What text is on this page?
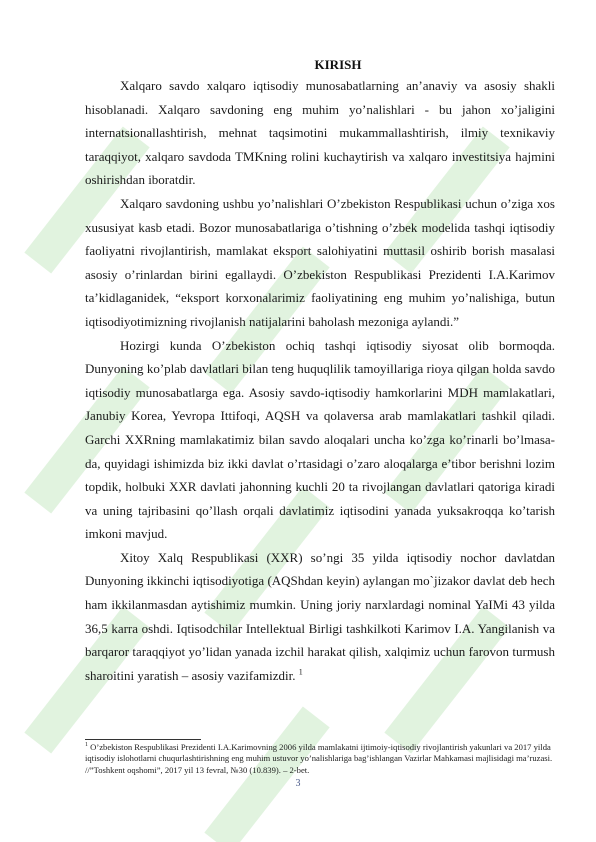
KIRISH

Xalqaro savdo xalqaro iqtisodiy munosabatlarning an’anaviy va asosiy shakli hisoblanadi. Xalqaro savdoning eng muhim yo’nalishlari - bu jahon xo’jaligini internatsionallashtirish, mehnat taqsimotini mukammallashtirish, ilmiy texnikaviy taraqqiyot, xalqaro savdoda TMKning rolini kuchaytirish va xalqaro investitsiya hajmini oshirishdan iboratdir.

Xalqaro savdoning ushbu yo’nalishlari O’zbekiston Respublikasi uchun o’ziga xos xususiyat kasb etadi. Bozor munosabatlariga o’tishning o’zbek modelida tashqi iqtisodiy faoliyatni rivojlantirish, mamlakat eksport salohiyatini muttasil oshirib borish masalasi asosiy o’rinlardan birini egallaydi. O’zbekiston Respublikasi Prezidenti I.A.Karimov ta’kidlaganidek, “eksport korxonalarimiz faoliyatining eng muhim yo’nalishiga, butun iqtisodiyotimizning rivojlanish natijalarini baholash mezoniga aylandi.”

Hozirgi kunda O’zbekiston ochiq tashqi iqtisodiy siyosat olib bormoqda. Dunyoning ko’plab davlatlari bilan teng huquqlilik tamoyillariga rioya qilgan holda savdo iqtisodiy munosabatlarga ega. Asosiy savdo-iqtisodiy hamkorlarini MDH mamlakatlari, Janubiy Korea, Yevropa Ittifoqi, AQSH va qolaversa arab mamlakatlari tashkil qiladi. Garchi XXRning mamlakatimiz bilan savdo aloqalari uncha ko’zga ko’rinarli bo’lmasa-da, quyidagi ishimizda biz ikki davlat o’rtasidagi o’zaro aloqalarga e’tibor berishni lozim topdik, holbuki XXR davlati jahonning kuchli 20 ta rivojlangan davlatlari qatoriga kiradi va uning tajribasini qo’llash orqali davlatimiz iqtisodini yanada yuksakroqqa ko’tarish imkoni mavjud.

Xitoy Xalq Respublikasi (XXR) so’ngi 35 yilda iqtisodiy nochor davlatdan Dunyoning ikkinchi iqtisodiyotiga (AQShdan keyin) aylangan mo`jizakor davlat deb hech ham ikkilanmasdan aytishimiz mumkin. Uning joriy narxlardagi nominal YaIMi 43 yilda 36,5 karra oshdi. Iqtisodchilar Intellektual Birligi tashkilkoti Karimov I.A. Yangilanish va barqaror taraqqiyot yo’lidan yanada izchil harakat qilish, xalqimiz uchun farovon turmush sharoitini yaratish – asosiy vazifamizdir. $^1$

$^1$ O’zbekiston Respublikasi Prezidenti I.A.Karimovning 2006 yilda mamlakatni ijtimoiy-iqtisodiy rivojlantirish yakunlari va 2017 yilda iqtisodiy islohotlarni chuqurlashtirishning eng muhim ustuvor yo’nalishlariga bag’ishlangan Vazirlar Mahkamasi majlisidagi ma’ruzasi. //”Toshkent oqshomi”, 2017 yil 13 fevral, №30 (10.839). – 2-bet.
3
